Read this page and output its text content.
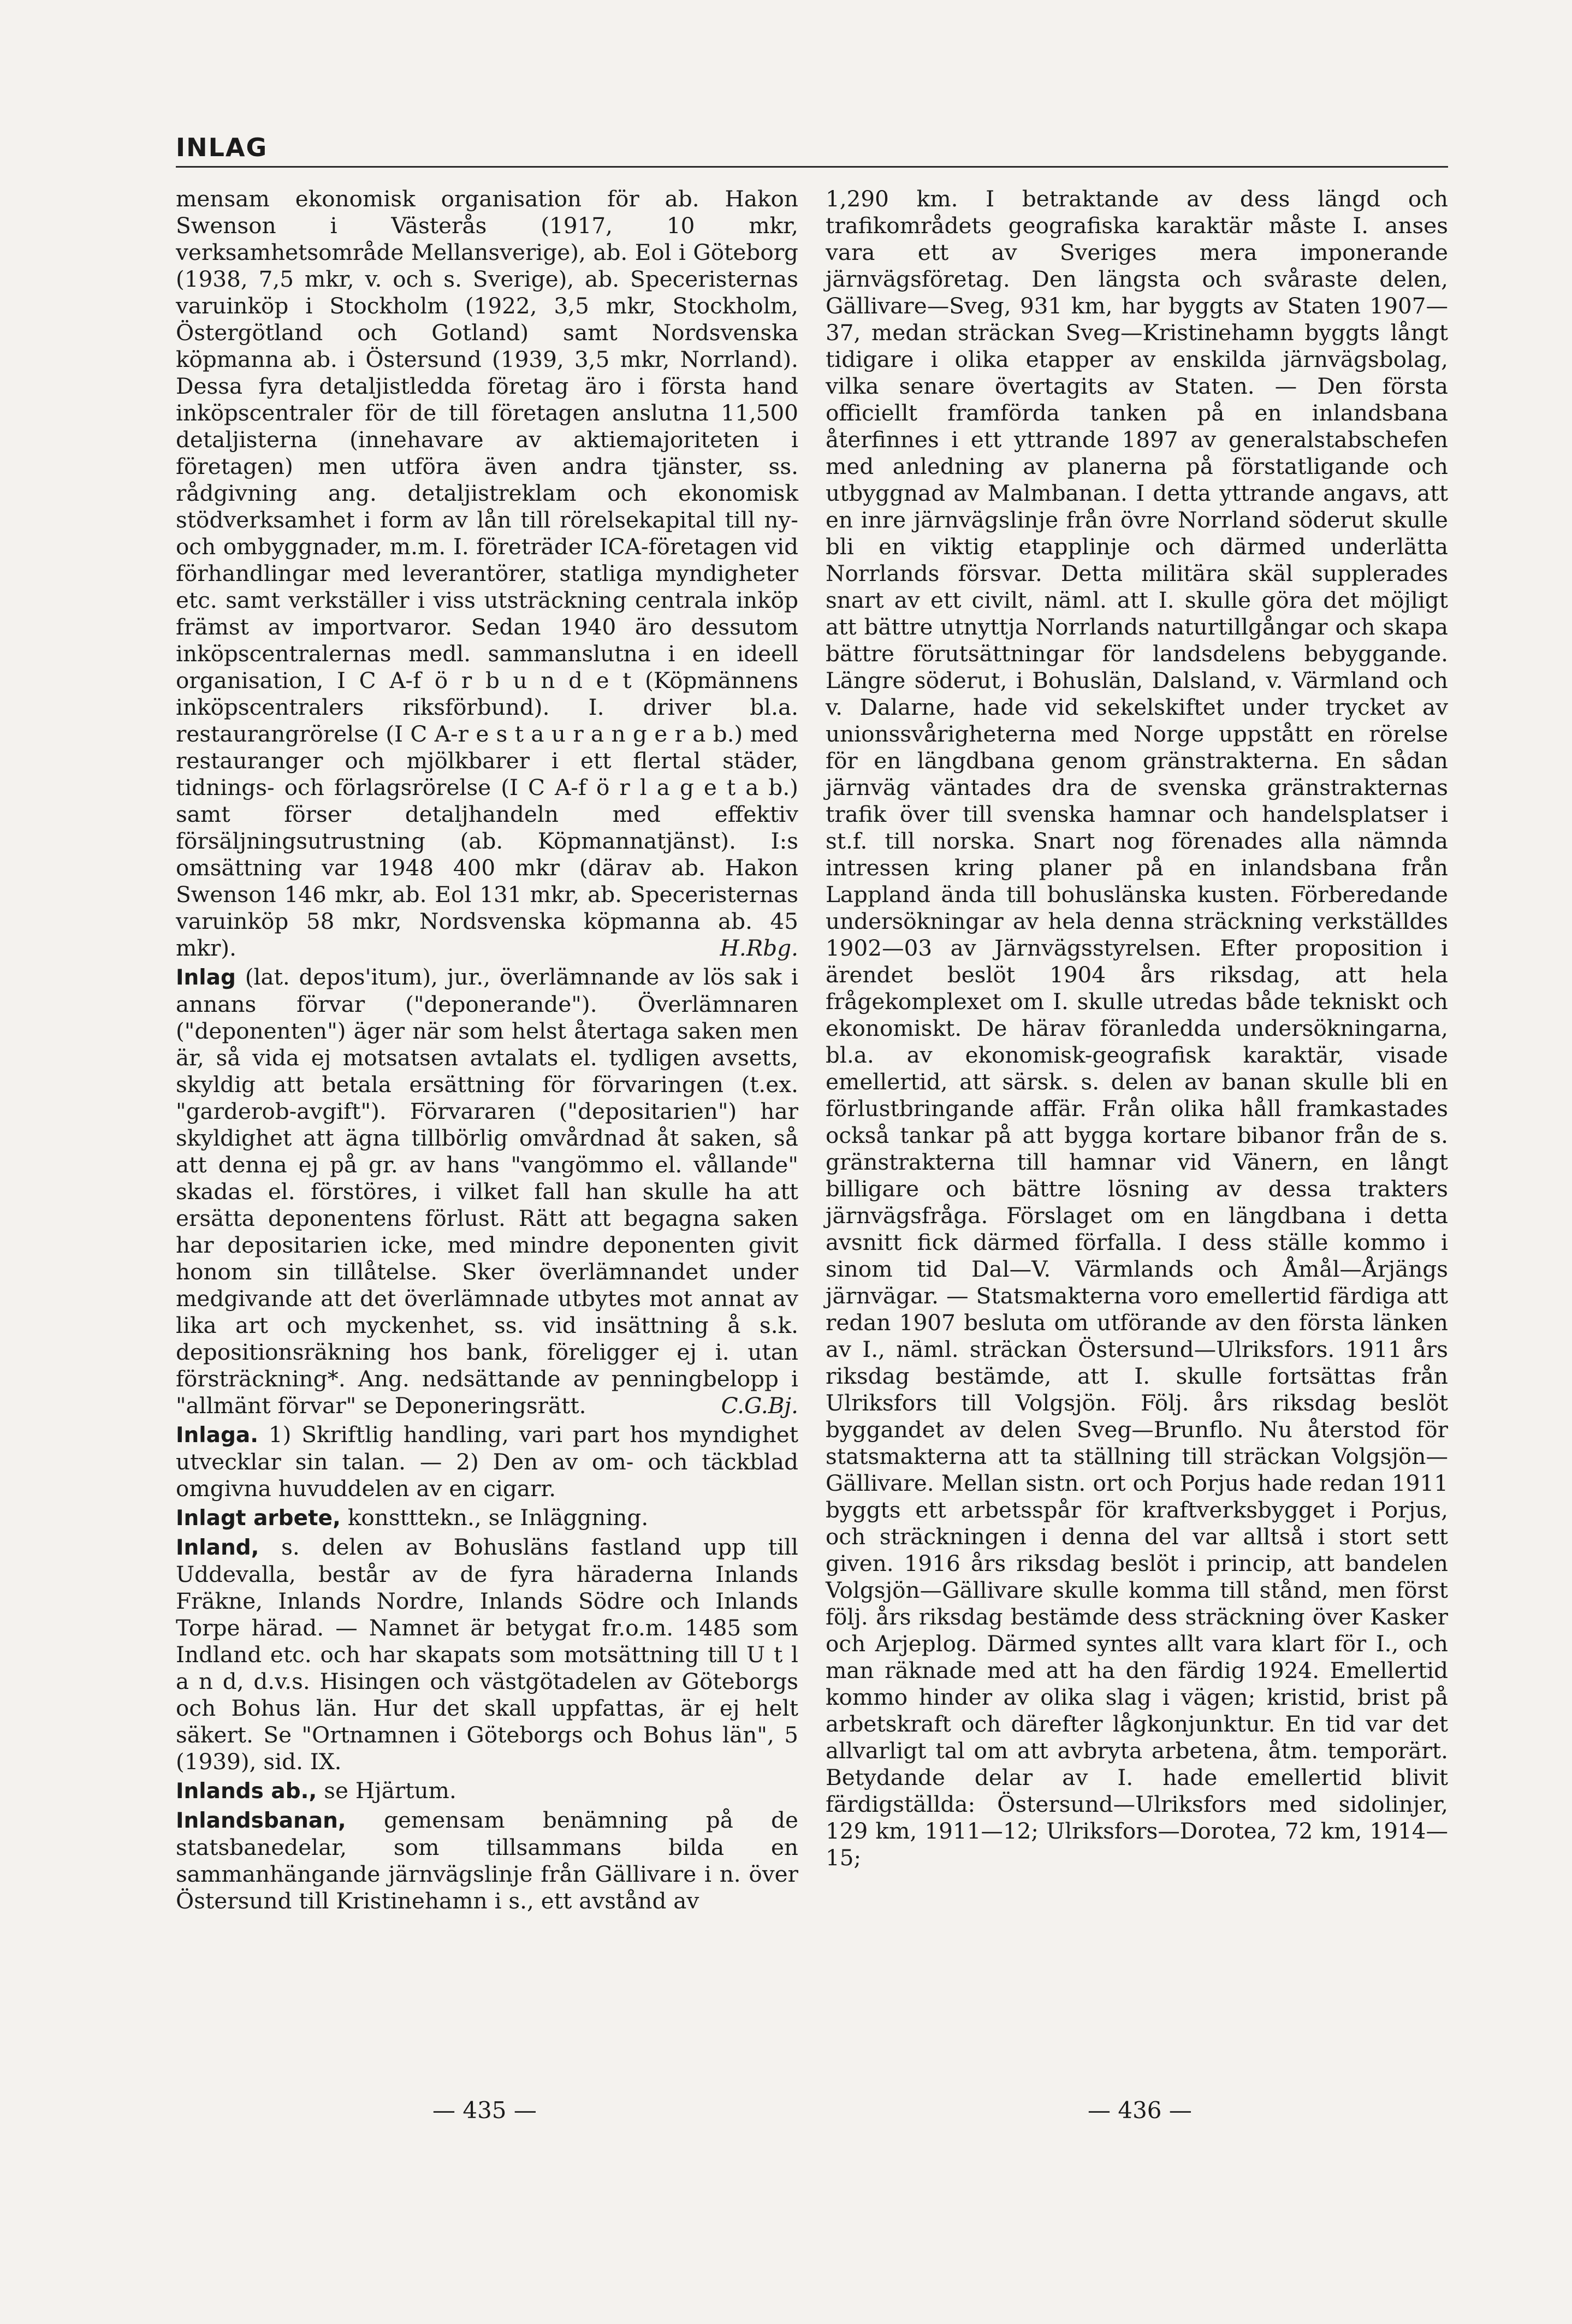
INLAG

mensam ekonomisk organisation för ab. Hakon Swenson i Västerås (1917, 10 mkr, verksamhetsområde Mellansverige), ab. Eol i Göteborg (1938, 7,5 mkr, v. och s. Sverige), ab. Speceristernas varuinköp i Stockholm (1922, 3,5 mkr, Stockholm, Östergötland och Gotland) samt Nordsvenska köpmanna ab. i Östersund (1939, 3,5 mkr, Norrland). Dessa fyra detaljistledda företag äro i första hand inköpscentraler för de till företagen anslutna 11,500 detaljisterna (innehavare av aktiemajoriteten i företagen) men utföra även andra tjänster, ss. rådgivning ang. detaljistreklam och ekonomisk stödverksamhet i form av lån till rörelsekapital till ny- och ombyggnader, m.m. I. företräder ICA-företagen vid förhandlingar med leverantörer, statliga myndigheter etc. samt verkställer i viss utsträckning centrala inköp främst av importvaror. Sedan 1940 äro dessutom inköpscentralernas medl. sammanslutna i en ideell organisation, I C A-f ö r b u n d e t (Köpmännens inköpscentralers riksförbund). I. driver bl.a. restaurangrörelse (I C A-r e s t a u r a n g e r a b.) med restauranger och mjölkbarer i ett flertal städer, tidnings- och förlagsrörelse (I C A-f ö r l a g e t a b.) samt förser detaljhandeln med effektiv försäljningsutrustning (ab. Köpmannatjänst). I:s omsättning var 1948 400 mkr (därav ab. Hakon Swenson 146 mkr, ab. Eol 131 mkr, ab. Speceristernas varuinköp 58 mkr, Nordsvenska köpmanna ab. 45 mkr).	H.Rbg.

Inlag (lat. depos'itum), jur., överlämnande av lös sak i annans förvar ("deponerande"). Överlämnaren ("deponenten") äger när som helst återtaga saken men är, så vida ej motsatsen avtalats el. tydligen avsetts, skyldig att betala ersättning för förvaringen (t.ex. "garderob-avgift"). Förvararen ("depositarien") har skyldighet att ägna tillbörlig omvårdnad åt saken, så att denna ej på gr. av hans "vangömmo el. vållande" skadas el. förstöres, i vilket fall han skulle ha att ersätta deponentens förlust. Rätt att begagna saken har depositarien icke, med mindre deponenten givit honom sin tillåtelse. Sker överlämnandet under medgivande att det överlämnade utbytes mot annat av lika art och myckenhet, ss. vid insättning å s.k. depositionsräkning hos bank, föreligger ej i. utan försträckning*. Ang. nedsättande av penningbelopp i "allmänt förvar" se Deponeringsrätt.	C.G.Bj.

Inlaga. 1) Skriftlig handling, vari part hos myndighet utvecklar sin talan. — 2) Den av om- och täckblad omgivna huvuddelen av en cigarr.

Inlagt arbete, konstttekn., se Inläggning.

Inland, s. delen av Bohusläns fastland upp till Uddevalla, består av de fyra häraderna Inlands Fräkne, Inlands Nordre, Inlands Södre och Inlands Torpe härad. — Namnet är betygat fr.o.m. 1485 som Indland etc. och har skapats som motsättning till U t l a n d, d.v.s. Hisingen och västgötadelen av Göteborgs och Bohus län. Hur det skall uppfattas, är ej helt säkert. Se "Ortnamnen i Göteborgs och Bohus län", 5 (1939), sid. IX.

Inlands ab., se Hjärtum.

Inlandsbanan, gemensam benämning på de statsbanedelar, som tillsammans bilda en sammanhängande järnvägslinje från Gällivare i n. över Östersund till Kristinehamn i s., ett avstånd av

1,290 km. I betraktande av dess längd och trafikområdets geografiska karaktär måste I. anses vara ett av Sveriges mera imponerande järnvägsföretag. Den längsta och svåraste delen, Gällivare—Sveg, 931 km, har byggts av Staten 1907—37, medan sträckan Sveg—Kristinehamn byggts långt tidigare i olika etapper av enskilda järnvägsbolag, vilka senare övertagits av Staten. — Den första officiellt framförda tanken på en inlandsbana återfinnes i ett yttrande 1897 av generalstabschefen med anledning av planerna på förstatligande och utbyggnad av Malmbanan. I detta yttrande angavs, att en inre järnvägslinje från övre Norrland söderut skulle bli en viktig etapplinje och därmed underlätta Norrlands försvar. Detta militära skäl supplerades snart av ett civilt, näml. att I. skulle göra det möjligt att bättre utnyttja Norrlands naturtillgångar och skapa bättre förutsättningar för landsdelens bebyggande. Längre söderut, i Bohuslän, Dalsland, v. Värmland och v. Dalarne, hade vid sekelskiftet under trycket av unionssvårigheterna med Norge uppstått en rörelse för en längdbana genom gränstrakterna. En sådan järnväg väntades dra de svenska gränstrakternas trafik över till svenska hamnar och handelsplatser i st.f. till norska. Snart nog förenades alla nämnda intressen kring planer på en inlandsbana från Lappland ända till bohuslänska kusten. Förberedande undersökningar av hela denna sträckning verkställdes 1902—03 av Järnvägsstyrelsen. Efter proposition i ärendet beslöt 1904 års riksdag, att hela frågekomplexet om I. skulle utredas både tekniskt och ekonomiskt. De härav föranledda undersökningarna, bl.a. av ekonomisk-geografisk karaktär, visade emellertid, att särsk. s. delen av banan skulle bli en förlustbringande affär. Från olika håll framkastades också tankar på att bygga kortare bibanor från de s. gränstrakterna till hamnar vid Vänern, en långt billigare och bättre lösning av dessa trakters järnvägsfråga. Förslaget om en längdbana i detta avsnitt fick därmed förfalla. I dess ställe kommo i sinom tid Dal—V. Värmlands och Åmål—Årjängs järnvägar. — Statsmakterna voro emellertid färdiga att redan 1907 besluta om utförande av den första länken av I., näml. sträckan Östersund—Ulriksfors. 1911 års riksdag bestämde, att I. skulle fortsättas från Ulriksfors till Volgsjön. Följ. års riksdag beslöt byggandet av delen Sveg—Brunflo. Nu återstod för statsmakterna att ta ställning till sträckan Volgsjön—Gällivare. Mellan sistn. ort och Porjus hade redan 1911 byggts ett arbetsspår för kraftverksbygget i Porjus, och sträckningen i denna del var alltså i stort sett given. 1916 års riksdag beslöt i princip, att bandelen Volgsjön—Gällivare skulle komma till stånd, men först följ. års riksdag bestämde dess sträckning över Kasker och Arjeplog. Därmed syntes allt vara klart för I., och man räknade med att ha den färdig 1924. Emellertid kommo hinder av olika slag i vägen; kristid, brist på arbetskraft och därefter lågkonjunktur. En tid var det allvarligt tal om att avbryta arbetena, åtm. temporärt. Betydande delar av I. hade emellertid blivit färdigställda: Östersund—Ulriksfors med sidolinjer, 129 km, 1911—12; Ulriksfors—Dorotea, 72 km, 1914—15;

— 435 —	— 436 —
